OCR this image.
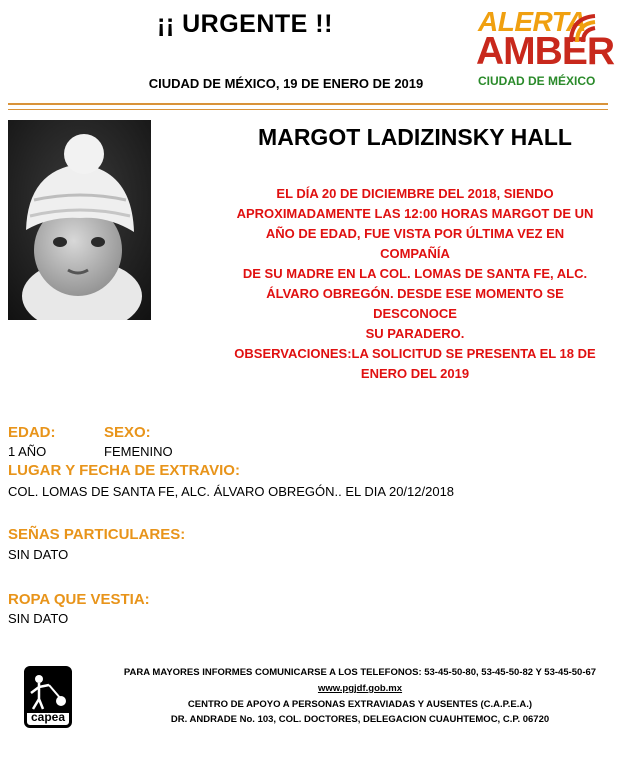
¡¡ URGENTE !!
CIUDAD DE MÉXICO, 19 DE ENERO DE 2019
ALERTA
AMBER
CIUDAD DE MÉXICO
MARGOT LADIZINSKY HALL

EL DÍA 20 DE DICIEMBRE DEL 2018, SIENDO

APROXIMADAMENTE LAS 12:00 HORAS MARGOT DE UN

AÑO DE EDAD, FUE VISTA POR ÚLTIMA VEZ EN COMPAÑÍA

DE SU MADRE EN LA COL. LOMAS DE SANTA FE, ALC.

ÁLVARO OBREGÓN. DESDE ESE MOMENTO SE DESCONOCE

SU PARADERO.

OBSERVACIONES:LA SOLICITUD SE PRESENTA EL 18 DE

ENERO DEL 2019

EDAD:
1 AÑO
SEXO:
FEMENINO
LUGAR Y FECHA DE EXTRAVIO:
COL. LOMAS DE SANTA FE, ALC. ÁLVARO OBREGÓN.. EL DIA 20/12/2018
SEÑAS PARTICULARES:
SIN DATO
ROPA QUE VESTIA:
SIN DATO
capea
PARA MAYORES INFORMES COMUNICARSE A LOS TELEFONOS: 53-45-50-80, 53-45-50-82 Y 53-45-50-67
www.pgjdf.gob.mx
CENTRO DE APOYO A PERSONAS EXTRAVIADAS Y AUSENTES (C.A.P.E.A.)
DR. ANDRADE No. 103, COL. DOCTORES, DELEGACION CUAUHTEMOC, C.P. 06720
